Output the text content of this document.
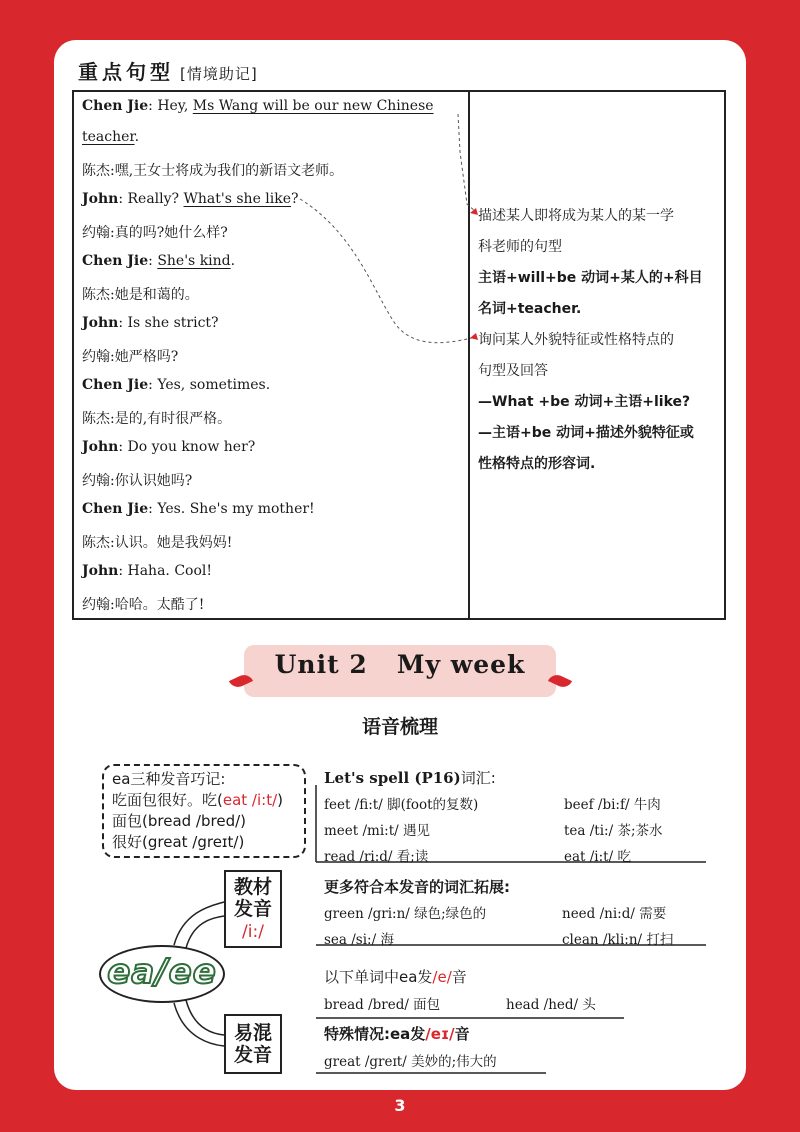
重点句型 [情境助记]
Chen Jie: Hey, Ms Wang will be our new Chinese
teacher.
陈杰:嘿,王女士将成为我们的新语文老师。
John: Really? What's she like?
约翰:真的吗?她什么样?
Chen Jie: She's kind.
陈杰:她是和蔼的。
John: Is she strict?
约翰:她严格吗?
Chen Jie: Yes, sometimes.
陈杰:是的,有时很严格。
John: Do you know her?
约翰:你认识她吗?
Chen Jie: Yes. She's my mother!
陈杰:认识。她是我妈妈!
John: Haha. Cool!
约翰:哈哈。太酷了!
描述某人即将成为某人的某一学
科老师的句型
主语+will+be 动词+某人的+科目
名词+teacher.
询问某人外貌特征或性格特点的
句型及回答
—What +be 动词+主语+like?
—主语+be 动词+描述外貌特征或
性格特点的形容词.
Unit 2   My week
语音梳理
ea三种发音巧记:
吃面包很好。吃(eat /i:t/)
面包(bread /bred/)
很好(great /greɪt/)
Let's spell (P16)词汇:
feet /fi:t/ 脚(foot的复数)	beef /bi:f/ 牛肉
meet /mi:t/ 遇见	tea /ti:/ 茶;茶水
read /ri:d/ 看;读	eat /i:t/ 吃
更多符合本发音的词汇拓展:
green /gri:n/ 绿色;绿色的	need /ni:d/ 需要
sea /si:/ 海	clean /kli:n/ 打扫
教材
发音
/i:/
ea/ee	以下单词中ea发/e/音
bread /bred/ 面包	head /hed/ 头
易混
发音
特殊情况:ea发/eɪ/音
great /greɪt/ 美妙的;伟大的
3
